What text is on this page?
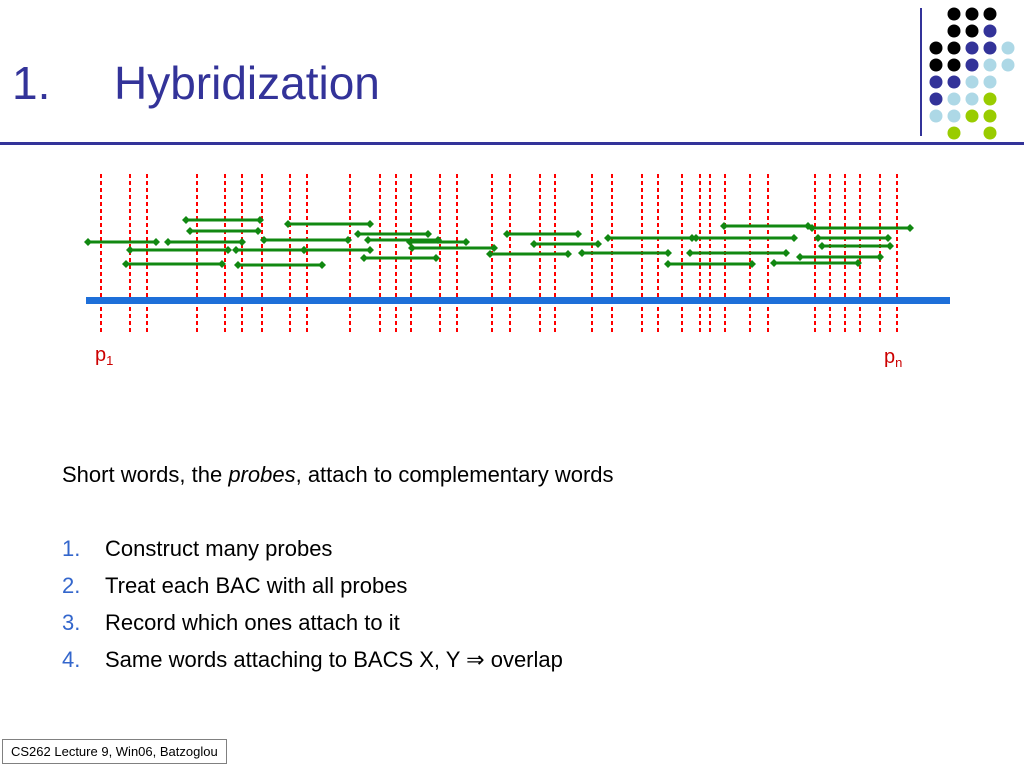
1. Hybridization
$p_1$	$p_n$

Short words, the probes, attach to complementary words

1.	Construct many probes
2.	Treat each BAC with all probes
3.	Record which ones attach to it
4.	Same words attaching to BACS X, Y ⇒ overlap
CS262 Lecture 9, Win06, Batzoglou
